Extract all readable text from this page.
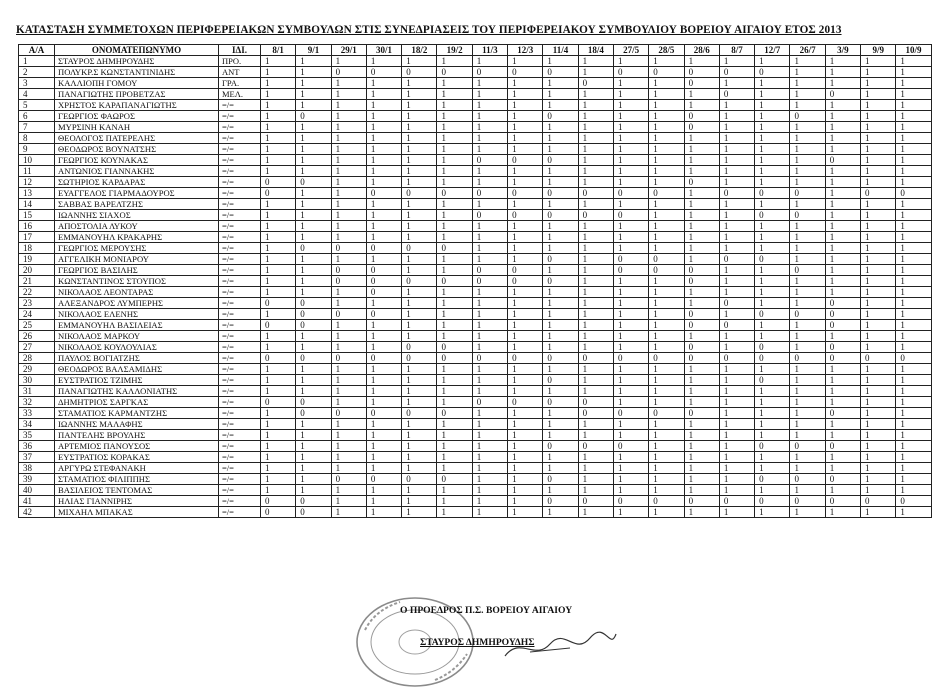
ΚΑΤΑΣΤΑΣΗ ΣΥΜΜΕΤΟΧΩΝ ΠΕΡΙΦΕΡΕΙΑΚΩΝ ΣΥΜΒΟΥΛΩΝ ΣΤΙΣ ΣΥΝΕΔΡΙΑΣΕΙΣ ΤΟΥ ΠΕΡΙΦΕΡΕΙΑΚΟΥ ΣΥΜΒΟΥΛΙΟΥ ΒΟΡΕΙΟΥ ΑΙΓΑΙΟΥ ΕΤΟΣ 2013
Α/Α	ΟΝΟΜΑΤΕΠΩΝΥΜΟ	ΙΔΙ.	8/1	9/1	29/1	30/1	18/2	19/2	11/3	12/3	11/4	18/4	27/5	28/5	28/6	8/7	12/7	26/7	3/9	9/9	10/9
1	ΣΤΑΥΡΟΣ ΔΗΜΗΡΟΥΔΗΣ	ΠΡΟ.	1	1	1	1	1	1	1	1	1	1	1	1	1	1	1	1	1	1	1
2	ΠΟΛΥΚΡ.Σ ΚΩΝΣΤΑΝΤΙΝΙΔΗΣ	ΑΝΤ	1	1	0	0	0	0	0	0	0	1	0	0	0	0	0	1	1	1	1
3	ΚΑΛΛΙΟΠΗ ΓΟΜΟΥ	ΓΡΑ.	1	1	1	1	1	1	1	1	1	0	1	1	0	1	1	1	1	1	1
4	ΠΑΝΑΓΙΩΤΗΣ ΠΡΟΒΕΤΖΑΣ	ΜΕΛ.	1	1	1	1	1	1	1	1	1	1	1	1	1	0	1	1	0	1	1
5	ΧΡΗΣΤΟΣ ΚΑΡΑΠΑΝΑΓΙΩΤΗΣ	=/=	1	1	1	1	1	1	1	1	1	1	1	1	1	1	1	1	1	1	1
6	ΓΕΩΡΓΙΟΣ ΦΑΩΡΟΣ	=/=	1	0	1	1	1	1	1	1	0	1	1	1	0	1	1	0	1	1	1
7	ΜΥΡΣΙΝΗ ΚΑΝΑΗ	=/=	1	1	1	1	1	1	1	1	1	1	1	1	0	1	1	1	1	1	1
8	ΘΕΟΛΟΓΟΣ ΠΑΤΕΡΕΛΗΣ	=/=	1	1	1	1	1	1	1	1	1	1	1	1	1	1	1	1	1	1	1
9	ΘΕΟΔΩΡΟΣ ΒΟΥΝΑΤΣΗΣ	=/=	1	1	1	1	1	1	1	1	1	1	1	1	1	1	1	1	1	1	1
10	ΓΕΩΡΓΙΟΣ ΚΟΥΝΑΚΑΣ	=/=	1	1	1	1	1	1	0	0	0	1	1	1	1	1	1	1	0	1	1
11	ΑΝΤΩΝΙΟΣ ΓΙΑΝΝΑΚΗΣ	=/=	1	1	1	1	1	1	1	1	1	1	1	1	1	1	1	1	1	1	1
12	ΣΩΤΗΡΙΟΣ ΚΑΡΔΑΡΑΣ	=/=	0	0	1	1	1	1	1	1	1	1	1	1	0	1	1	1	1	1	1
13	ΕΥΑΓΓΕΛΟΣ ΓΙΑΡΜΑΔΟΥΡΟΣ	=/=	0	1	1	0	0	0	0	0	0	0	0	0	1	0	0	0	1	0	0
14	ΣΑΒΒΑΣ ΒΑΡΕΛΤΖΗΣ	=/=	1	1	1	1	1	1	1	1	1	1	1	1	1	1	1	1	1	1	1
15	ΙΩΑΝΝΗΣ ΣΙΑΧΟΣ	=/=	1	1	1	1	1	1	0	0	0	0	0	1	1	1	0	0	1	1	1
16	ΑΠΟΣΤΟΛΙΑ ΛΥΚΟΥ	=/=	1	1	1	1	1	1	1	1	1	1	1	1	1	1	1	1	1	1	1
17	ΕΜΜΑΝΟΥΗΛ ΚΡΑΚΑΡΗΣ	=/=	1	1	1	1	1	1	1	1	1	1	1	1	1	1	1	1	1	1	1
18	ΓΕΩΡΓΙΟΣ ΜΕΡΟΥΣΗΣ	=/=	1	0	0	0	0	0	1	1	1	1	1	1	1	1	1	1	1	1	1
19	ΑΓΓΕΛΙΚΗ ΜΟΝΙΑΡΟΥ	=/=	1	1	1	1	1	1	1	1	0	1	0	0	1	0	0	1	1	1	1
20	ΓΕΩΡΓΙΟΣ ΒΑΣΙΛΗΣ	=/=	1	1	0	0	1	1	0	0	1	1	0	0	0	1	1	0	1	1	1
21	ΚΩΝΣΤΑΝΤΙΝΟΣ ΣΤΟΥΠΟΣ	=/=	1	1	0	0	0	0	0	0	0	1	1	1	0	1	1	1	1	1	1
22	ΝΙΚΟΛΑΟΣ ΛΕΟΝΤΑΡΑΣ	=/=	1	1	1	0	1	1	1	1	1	1	1	1	1	1	1	1	1	1	1
23	ΑΛΕΞΑΝΔΡΟΣ ΛΥΜΠΕΡΗΣ	=/=	0	0	1	1	1	1	1	1	1	1	1	1	1	0	1	1	0	1	1
24	ΝΙΚΟΛΑΟΣ ΕΛΕΝΗΣ	=/=	1	0	0	0	1	1	1	1	1	1	1	1	0	1	0	0	0	1	1
25	ΕΜΜΑΝΟΥΗΛ ΒΑΣΙΛΕΙΑΣ	=/=	0	0	1	1	1	1	1	1	1	1	1	1	0	0	1	1	0	1	1
26	ΝΙΚΟΛΑΟΣ ΜΑΡΚΟΥ	=/=	1	1	1	1	1	1	1	1	1	1	1	1	1	1	1	1	1	1	1
27	ΝΙΚΟΛΑΟΣ ΚΟΥΛΟΥΛΙΑΣ	=/=	1	1	1	1	0	0	1	1	1	1	1	1	0	1	0	1	0	1	1
28	ΠΑΥΛΟΣ ΒΟΓΙΑΤΖΗΣ	=/=	0	0	0	0	0	0	0	0	0	0	0	0	0	0	0	0	0	0	0
29	ΘΕΟΔΩΡΟΣ ΒΑΛΣΑΜΙΔΗΣ	=/=	1	1	1	1	1	1	1	1	1	1	1	1	1	1	1	1	1	1	1
30	ΕΥΣΤΡΑΤΙΟΣ ΤΖΙΜΗΣ	=/=	1	1	1	1	1	1	1	1	0	1	1	1	1	1	0	1	1	1	1
31	ΠΑΝΑΓΙΩΤΗΣ ΚΑΛΛΟΝΙΑΤΗΣ	=/=	1	1	1	1	1	1	1	1	1	1	1	1	1	1	1	1	1	1	1
32	ΔΗΜΗΤΡΙΟΣ ΣΑΡΓΚΑΣ	=/=	0	0	1	1	1	1	0	0	0	0	1	1	1	1	1	1	1	1	1
33	ΣΤΑΜΑΤΙΟΣ ΚΑΡΜΑΝΤΖΗΣ	=/=	1	0	0	0	0	0	1	1	1	0	0	0	0	1	1	1	0	1	1
34	ΙΩΑΝΝΗΣ ΜΑΛΑΦΗΣ	=/=	1	1	1	1	1	1	1	1	1	1	1	1	1	1	1	1	1	1	1
35	ΠΑΝΤΕΛΗΣ ΒΡΟΥΛΗΣ	=/=	1	1	1	1	1	1	1	1	1	1	1	1	1	1	1	1	1	1	1
36	ΑΡΤΕΜΙΟΣ ΠΑΝΟΥΣΟΣ	=/=	1	1	1	1	1	1	1	1	0	0	0	1	1	1	0	0	0	1	1
37	ΕΥΣΤΡΑΤΙΟΣ ΚΟΡΑΚΑΣ	=/=	1	1	1	1	1	1	1	1	1	1	1	1	1	1	1	1	1	1	1
38	ΑΡΓΥΡΩ ΣΤΕΦΑΝΑΚΗ	=/=	1	1	1	1	1	1	1	1	1	1	1	1	1	1	1	1	1	1	1
39	ΣΤΑΜΑΤΙΟΣ ΦΙΛΙΠΠΗΣ	=/=	1	1	0	0	0	0	1	1	0	1	1	1	1	1	0	0	0	1	1
40	ΒΑΣΙΛΕΙΟΣ ΤΕΝΤΟΜΑΣ	=/=	1	1	1	1	1	1	1	1	1	1	1	1	1	1	1	1	1	1	1
41	ΗΛΙΑΣ ΓΙΑΝΝΙΡΗΣ	=/=	0	0	1	1	1	1	1	1	0	0	0	0	0	0	0	0	0	0	0
42	ΜΙΧΑΗΛ ΜΠΑΚΑΣ	=/=	0	0	1	1	1	1	1	1	1	1	1	1	1	1	1	1	1	1	1
Ο ΠΡΟΕΔΡΟΣ Π.Σ. ΒΟΡΕΙΟΥ ΑΙΓΑΙΟΥ
ΣΤΑΥΡΟΣ ΔΗΜΗΡΟΥΔΗΣ
